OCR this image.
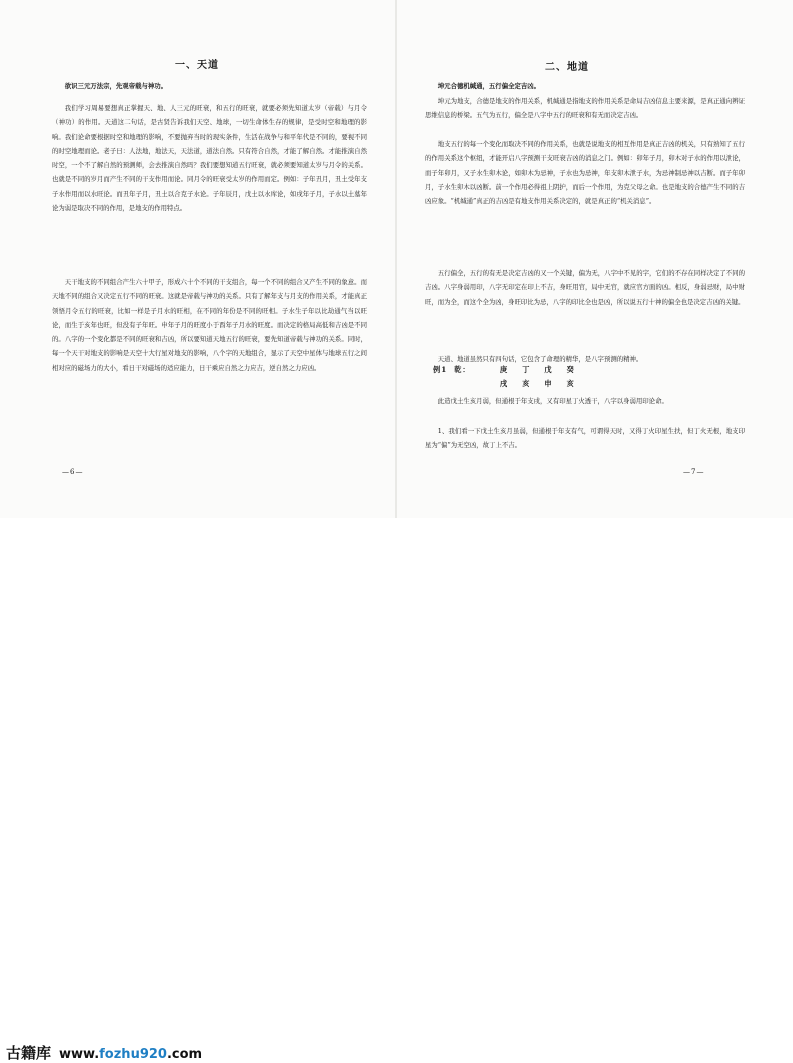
一、天道

欲识三元万法宗，先观帝载与神功。

我们学习周易要想真正掌握天、地、人三元的旺衰，和五行的旺衰，就要必须先知道太岁（帝载）与月令（神功）的作用。天道这二句话，是古贤告诉我们天空、地球，一切生命体生存的规律，是受时空和地理的影响。我们论命要根据时空和地理的影响，不要抛弃当时的现实条件，生活在战争与和平年代是不同的，要视不同的时空地理而论。老子曰：人法地，地法天，天法道，道法自然。只有符合自然，才能了解自然。才能推演自然时空，一个不了解自然的预测师，会去推演自然吗？我们要想知道五行旺衰，就必须要知道太岁与月令的关系。也就是不同的岁月而产生不同的干支作用而论。同月令的旺衰受太岁的作用而定。例如：子年丑月，丑土受年支子水作用而以水旺论。而丑年子月，丑土以合克子水论。子年辰月，戊土以水库论，如戌年子月，子水以土墓年论为弱是取决不同的作用，是地支的作用特点。

天干地支的不同组合产生六十甲子，形成六十个不同的干支组合，每一个不同的组合又产生不同的象意。而天地不同的组合又决定五行不同的旺衰。这就是帝载与神功的关系。只有了解年支与月支的作用关系，才能真正领悟月令五行的旺衰，比如一样是子月水的旺相，在不同的年份是不同的旺相。子水生子年以比劫通气当以旺论，而生于亥年也旺，但没有子年旺。申年子月的旺度小于酉年子月水的旺度。而决定的格局高低和吉凶是不同的。八字的一个变化都是不同的旺衰和吉凶，所以要知道天地五行的旺衰，要先知道帝载与神功的关系。同时，每一个天干对地支的影响是天空十大行星对地支的影响，八个字的天地组合，显示了天空中星体与地球五行之间相对应的磁场力的大小，看日干对磁场的适应能力，日干乘应自然之力应吉，逆自然之力应凶。

—6—
二、地道

坤元合德机缄通，五行偏全定吉凶。

坤元为地支，合德是地支的作用关系，机缄通是指地支的作用关系是命局吉凶信息主要来源，是真正通向辨证思维信息的桥梁。五气为五行，偏全是八字中五行的旺衰和有无而决定吉凶。

地支五行的每一个变化而取决不同的作用关系，也就是说地支的相互作用是真正吉凶的机关，只有熟知了五行的作用关系这个枢纽，才能开启八字预测干支旺衰吉凶的消息之门。例如：卯年子月，卯木对子水的作用以泄论，而子年卯月，又子水生卯木论，如卯木为忌神，子水也为忌神，年支卯木泄子水，为忌神制忌神以吉断。而子年卯月，子水生卯木以凶断。前一个作用必得祖上阴护，而后一个作用，为克父母之命。也是地支的合德产生不同的吉凶应象。“机缄通”真正的吉凶是有地支作用关系决定的，就是真正的“机关消息”。

五行偏全，五行的有无是决定吉凶的又一个关键，偏为无，八字中不见的字，它们的不存在同样决定了不同的吉凶。八字身弱用印，八字无印定在印上不吉，身旺用官，局中无官，就应官方面的凶。相反，身弱忌财，局中财旺，而为全，而这个全为凶，身旺印比为忌，八字的印比全也是凶，所以说五行十神的偏全也是决定吉凶的关键。

天道、地道虽然只有四句话，它包含了命理的精华，是八字预测的精神。

例1  乾：	庚    丁    戊    癸
戌    亥    申    亥

此造戊土生亥月弱，但通根于年支戌，又有印星丁火透干，八字以身弱用印论命。

1、我们看一下戊土生亥月虽弱，但通根于年支有气，可谓得天时，又得丁火印星生扶，但丁火无根，地支印星为“偏”为无空凶，故丁上不吉。

—7—
古籍库 www.fozhu920.com
